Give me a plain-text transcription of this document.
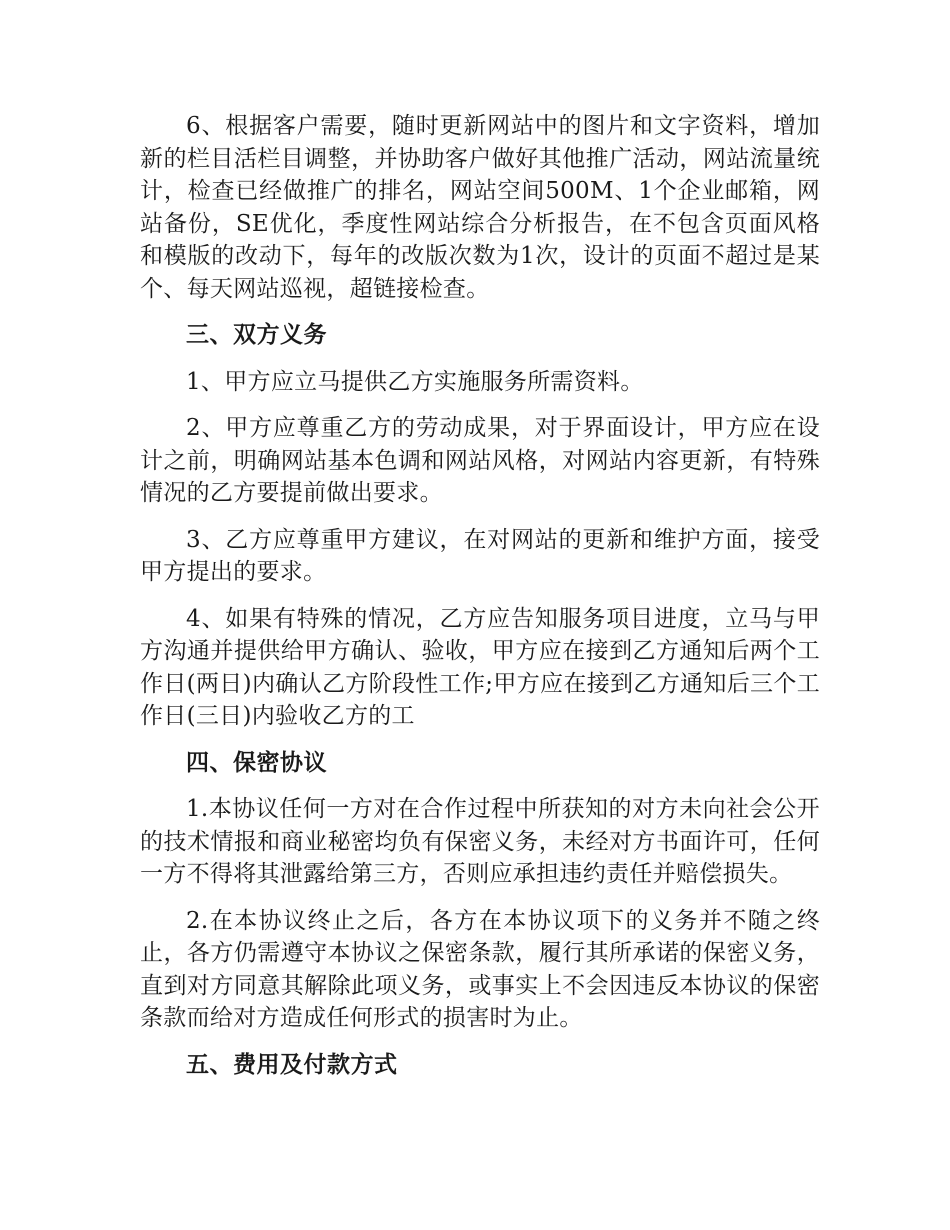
6、根据客户需要，随时更新网站中的图片和文字资料，增加新的栏目活栏目调整，并协助客户做好其他推广活动，网站流量统计，检查已经做推广的排名，网站空间500M、1个企业邮箱，网站备份，SE优化，季度性网站综合分析报告，在不包含页面风格和模版的改动下，每年的改版次数为1次，设计的页面不超过是某个、每天网站巡视，超链接检查。

三、双方义务

1、甲方应立马提供乙方实施服务所需资料。

2、甲方应尊重乙方的劳动成果，对于界面设计，甲方应在设计之前，明确网站基本色调和网站风格，对网站内容更新，有特殊情况的乙方要提前做出要求。

3、乙方应尊重甲方建议，在对网站的更新和维护方面，接受甲方提出的要求。

4、如果有特殊的情况，乙方应告知服务项目进度，立马与甲方沟通并提供给甲方确认、验收，甲方应在接到乙方通知后两个工作日(两日)内确认乙方阶段性工作;甲方应在接到乙方通知后三个工作日(三日)内验收乙方的工

四、保密协议

1.本协议任何一方对在合作过程中所获知的对方未向社会公开的技术情报和商业秘密均负有保密义务，未经对方书面许可，任何一方不得将其泄露给第三方，否则应承担违约责任并赔偿损失。

2.在本协议终止之后，各方在本协议项下的义务并不随之终止，各方仍需遵守本协议之保密条款，履行其所承诺的保密义务，直到对方同意其解除此项义务，或事实上不会因违反本协议的保密条款而给对方造成任何形式的损害时为止。

五、费用及付款方式
